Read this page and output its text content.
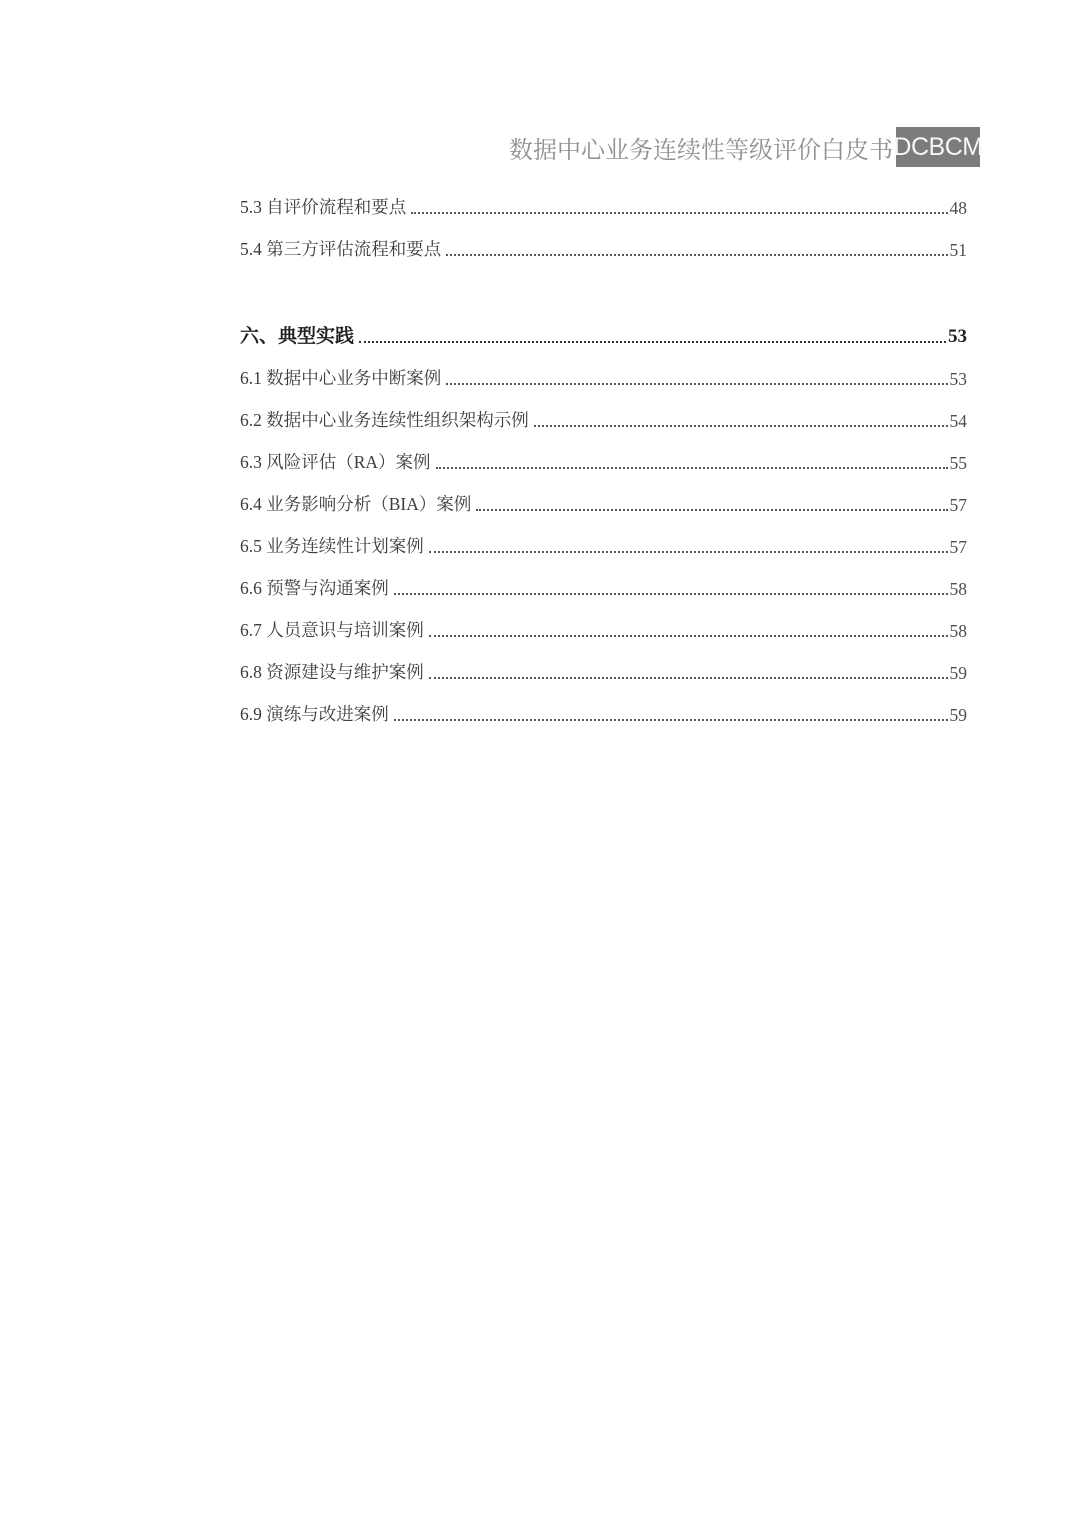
数据中心业务连续性等级评价白皮书 DCBCM
5.3 自评价流程和要点	48
5.4 第三方评估流程和要点	51
六、典型实践	53
6.1 数据中心业务中断案例	53
6.2 数据中心业务连续性组织架构示例	54
6.3 风险评估（RA）案例	55
6.4 业务影响分析（BIA）案例	57
6.5 业务连续性计划案例	57
6.6 预警与沟通案例	58
6.7 人员意识与培训案例	58
6.8 资源建设与维护案例	59
6.9 演练与改进案例	59
